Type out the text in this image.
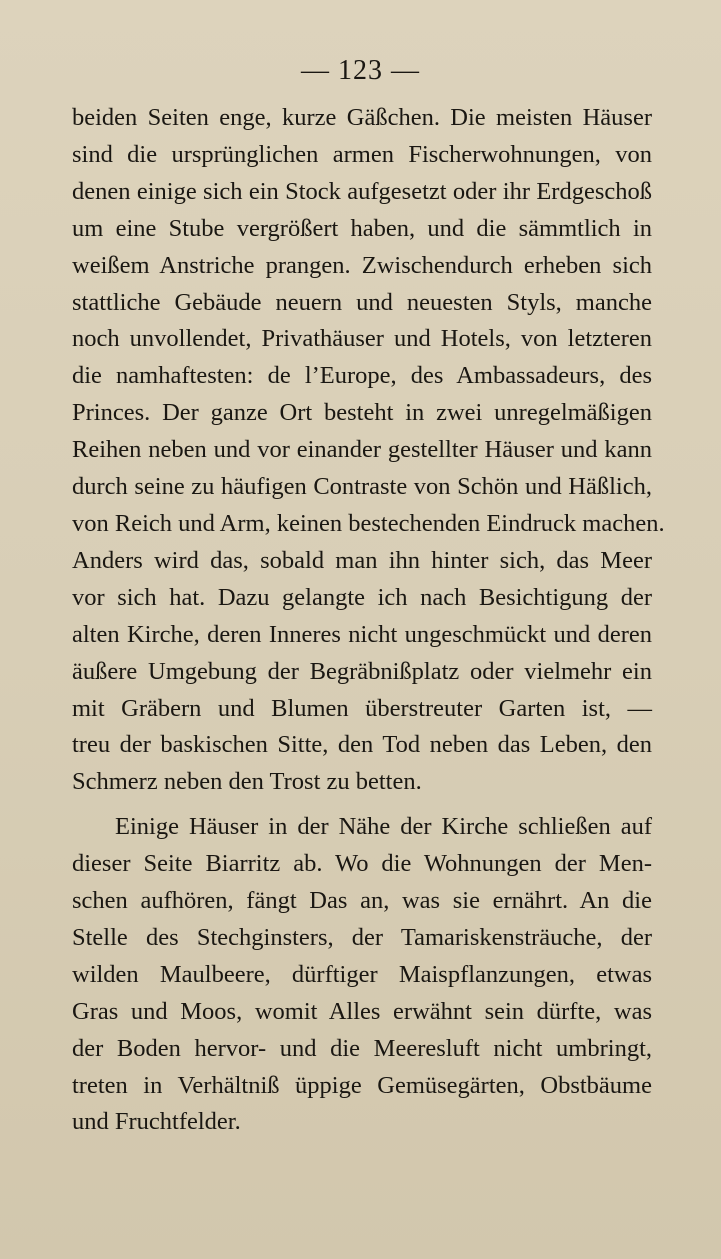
— 123 —
beiden Seiten enge, kurze Gäßchen. Die meisten Häuser
sind die ursprünglichen armen Fischerwohnungen, von
denen einige sich ein Stock aufgesetzt oder ihr Erdgeschoß
um eine Stube vergrößert haben, und die sämmtlich in
weißem Anstriche prangen. Zwischendurch erheben sich
stattliche Gebäude neuern und neuesten Styls, manche
noch unvollendet, Privathäuser und Hotels, von letzteren
die namhaftesten: de l’Europe, des Ambassadeurs, des
Princes. Der ganze Ort besteht in zwei unregelmäßigen
Reihen neben und vor einander gestellter Häuser und kann
durch seine zu häufigen Contraste von Schön und Häßlich,
von Reich und Arm, keinen bestechenden Eindruck machen.
Anders wird das, sobald man ihn hinter sich, das Meer
vor sich hat. Dazu gelangte ich nach Besichtigung der
alten Kirche, deren Inneres nicht ungeschmückt und deren
äußere Umgebung der Begräbnißplatz oder vielmehr ein
mit Gräbern und Blumen überstreuter Garten ist, —
treu der baskischen Sitte, den Tod neben das Leben, den
Schmerz neben den Trost zu betten.
Einige Häuser in der Nähe der Kirche schließen auf
dieser Seite Biarritz ab. Wo die Wohnungen der Men-
schen aufhören, fängt Das an, was sie ernährt. An die
Stelle des Stechginsters, der Tamariskensträuche, der
wilden Maulbeere, dürftiger Maispflanzungen, etwas
Gras und Moos, womit Alles erwähnt sein dürfte, was
der Boden hervor- und die Meeresluft nicht umbringt,
treten in Verhältniß üppige Gemüsegärten, Obstbäume
und Fruchtfelder.
